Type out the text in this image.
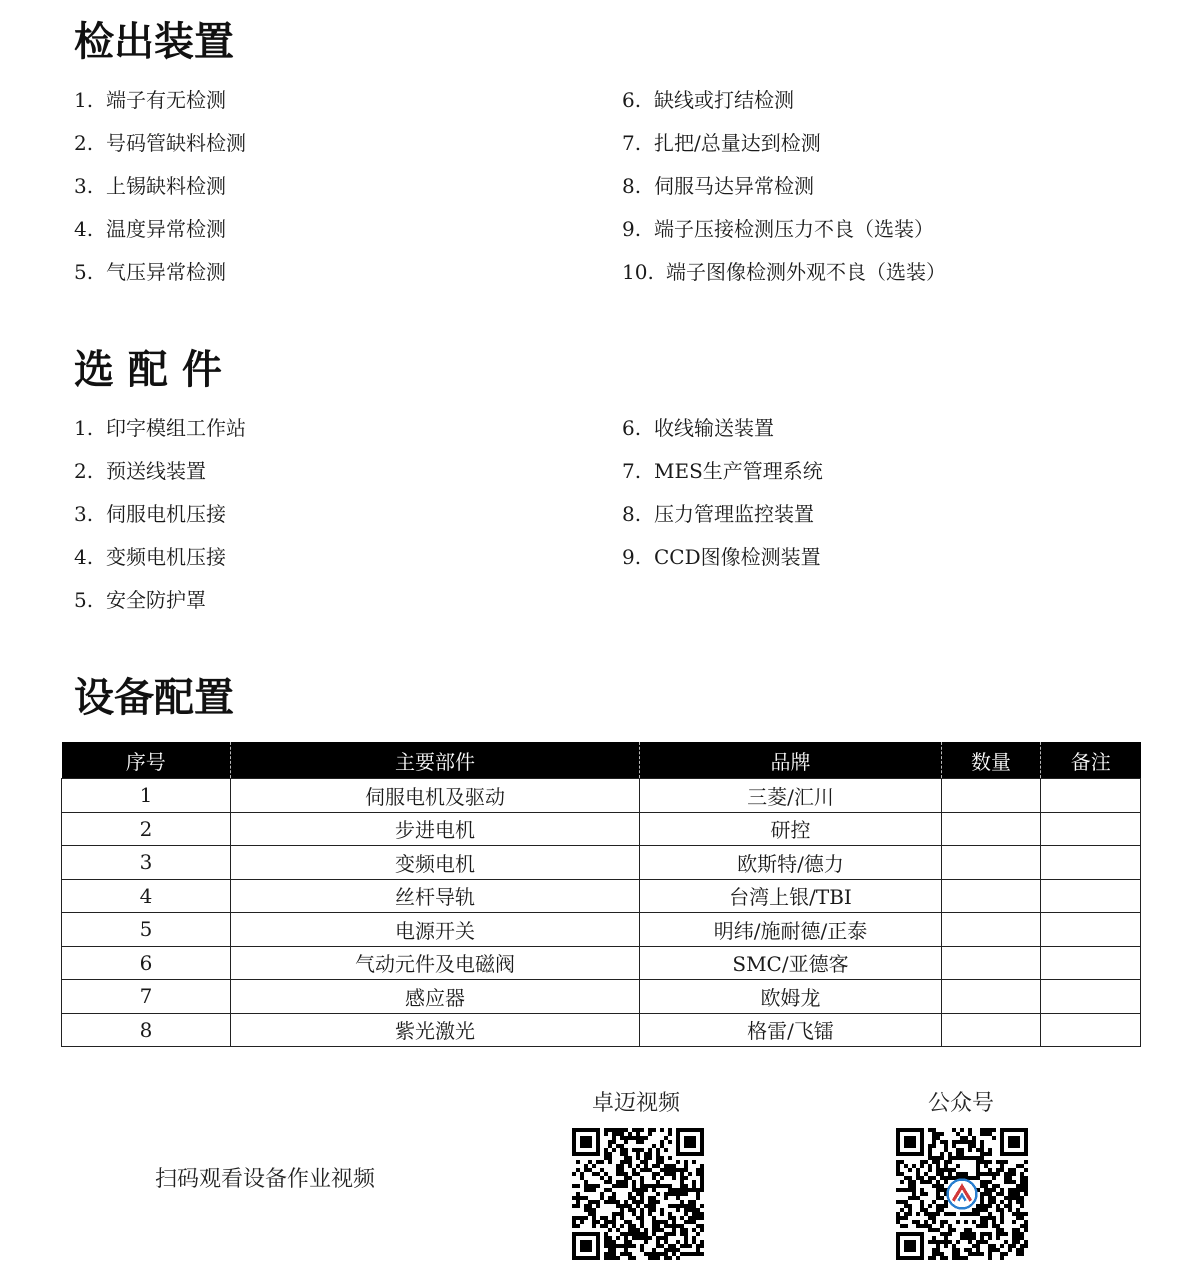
检出装置
1. 端子有无检测
2. 号码管缺料检测
3. 上锡缺料检测
4. 温度异常检测
5. 气压异常检测
6. 缺线或打结检测
7. 扎把/总量达到检测
8. 伺服马达异常检测
9. 端子压接检测压力不良（选装）
10. 端子图像检测外观不良（选装）
选 配 件
1. 印字模组工作站
2. 预送线装置
3. 伺服电机压接
4. 变频电机压接
5. 安全防护罩
6. 收线输送装置
7. MES生产管理系统
8. 压力管理监控装置
9. CCD图像检测装置
设备配置
序号	主要部件	品牌	数量	备注
1	伺服电机及驱动	三菱/汇川		
2	步进电机	研控		
3	变频电机	欧斯特/德力		
4	丝杆导轨	台湾上银/TBI		
5	电源开关	明纬/施耐德/正泰		
6	气动元件及电磁阀	SMC/亚德客		
7	感应器	欧姆龙		
8	紫光激光	格雷/飞镭		
扫码观看设备作业视频
卓迈视频	公众号
